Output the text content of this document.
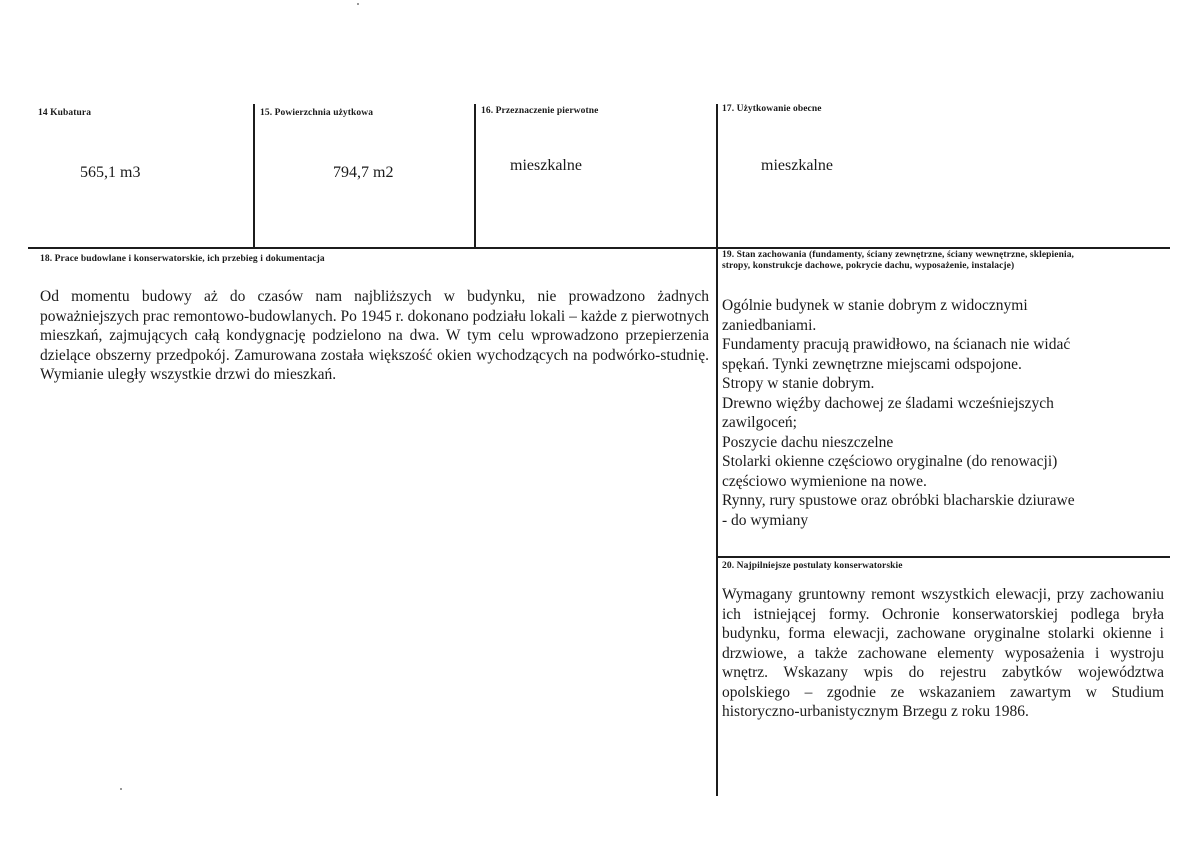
14 Kubatura
565,1 m3
15. Powierzchnia użytkowa
794,7 m2
16. Przeznaczenie pierwotne
mieszkalne
17. Użytkowanie obecne
mieszkalne
18. Prace budowlane i konserwatorskie, ich przebieg i dokumentacja
Od momentu budowy aż do czasów nam najbliższych w budynku, nie prowadzono żadnych poważniejszych prac remontowo-budowlanych. Po 1945 r. dokonano podziału lokali – każde z pierwotnych mieszkań, zajmujących całą kondygnację podzielono na dwa. W tym celu wprowadzono przepierzenia dzielące obszerny przedpokój. Zamurowana została większość okien wychodzących na podwórko-studnię. Wymianie uległy wszystkie drzwi do mieszkań.
19. Stan zachowania (fundamenty, ściany zewnętrzne, ściany wewnętrzne, sklepienia,
stropy, konstrukcje dachowe, pokrycie dachu, wyposażenie, instalacje)
Ogólnie budynek w stanie dobrym z widocznymi
zaniedbaniami.
Fundamenty pracują prawidłowo, na ścianach nie widać
spękań. Tynki zewnętrzne miejscami odspojone.
Stropy w stanie dobrym.
Drewno więźby dachowej ze śladami wcześniejszych
zawilgoceń;
Poszycie dachu nieszczelne
Stolarki okienne częściowo oryginalne (do renowacji)
częściowo wymienione na nowe.
Rynny, rury spustowe oraz obróbki blacharskie dziurawe
- do wymiany
20. Najpilniejsze postulaty konserwatorskie
Wymagany gruntowny remont wszystkich elewacji, przy zachowaniu ich istniejącej formy. Ochronie konserwatorskiej podlega bryła budynku, forma elewacji, zachowane oryginalne stolarki okienne i drzwiowe, a także zachowane elementy wyposażenia i wystroju wnętrz. Wskazany wpis do rejestru zabytków województwa opolskiego – zgodnie ze wskazaniem zawartym w Studium historyczno-urbanistycznym Brzegu z roku 1986.
